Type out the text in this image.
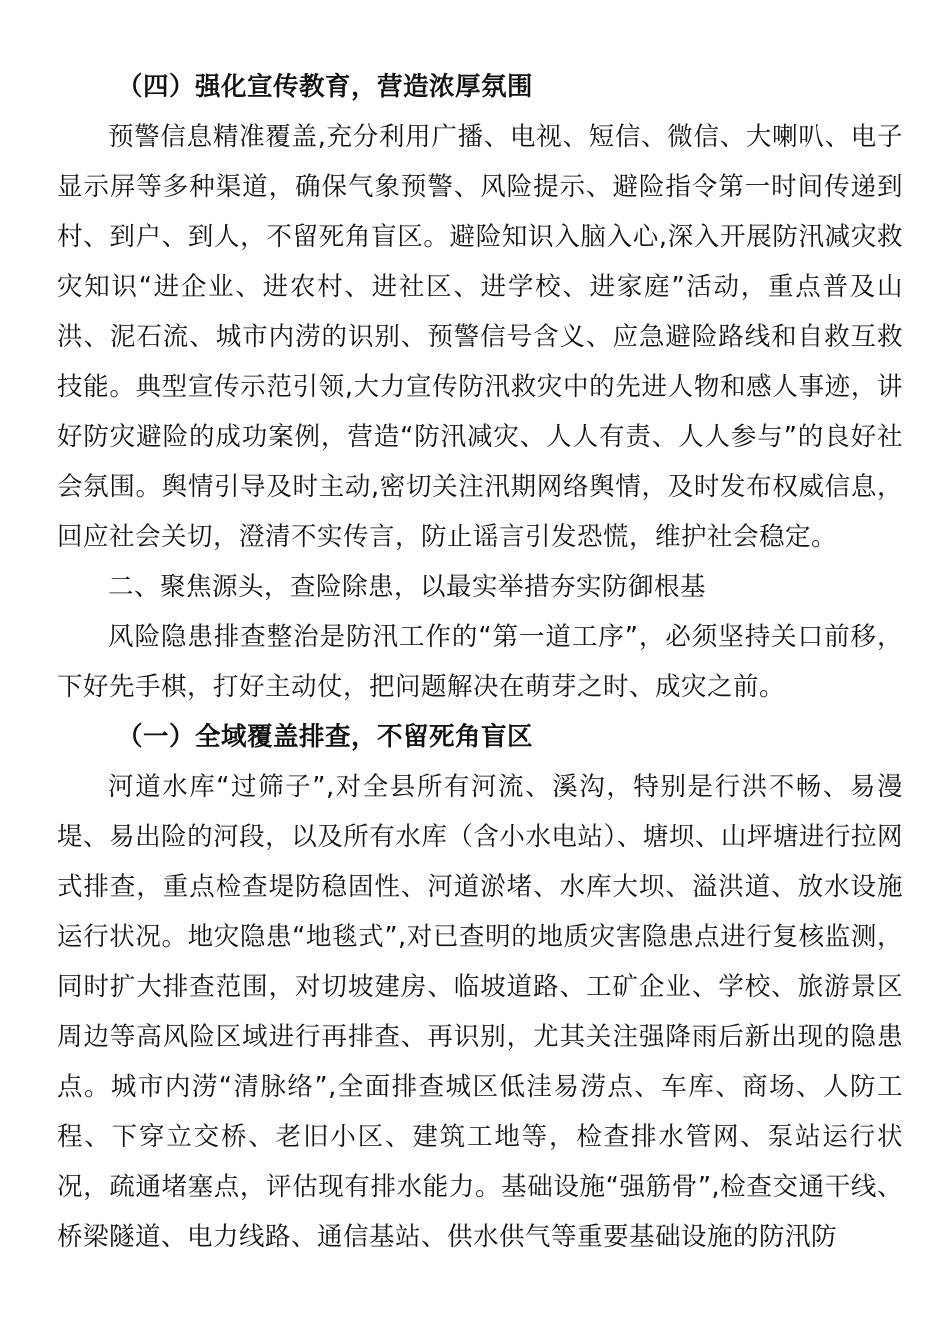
（四）强化宣传教育，营造浓厚氛围

预警信息精准覆盖,充分利用广播、电视、短信、微信、大喇叭、电子显示屏等多种渠道，确保气象预警、风险提示、避险指令第一时间传递到村、到户、到人，不留死角盲区。避险知识入脑入心,深入开展防汛减灾救灾知识“进企业、进农村、进社区、进学校、进家庭”活动，重点普及山洪、泥石流、城市内涝的识别、预警信号含义、应急避险路线和自救互救技能。典型宣传示范引领,大力宣传防汛救灾中的先进人物和感人事迹，讲好防灾避险的成功案例，营造“防汛减灾、人人有责、人人参与”的良好社会氛围。舆情引导及时主动,密切关注汛期网络舆情，及时发布权威信息，回应社会关切，澄清不实传言，防止谣言引发恐慌，维护社会稳定。

二、聚焦源头，查险除患，以最实举措夯实防御根基

风险隐患排查整治是防汛工作的“第一道工序”，必须坚持关口前移，下好先手棋，打好主动仗，把问题解决在萌芽之时、成灾之前。

（一）全域覆盖排查，不留死角盲区

河道水库“过筛子”,对全县所有河流、溪沟，特别是行洪不畅、易漫堤、易出险的河段，以及所有水库（含小水电站）、塘坝、山坪塘进行拉网式排查，重点检查堤防稳固性、河道淤堵、水库大坝、溢洪道、放水设施运行状况。地灾隐患“地毯式”,对已查明的地质灾害隐患点进行复核监测，同时扩大排查范围，对切坡建房、临坡道路、工矿企业、学校、旅游景区周边等高风险区域进行再排查、再识别，尤其关注强降雨后新出现的隐患点。城市内涝“清脉络”,全面排查城区低洼易涝点、车库、商场、人防工程、下穿立交桥、老旧小区、建筑工地等，检查排水管网、泵站运行状况，疏通堵塞点，评估现有排水能力。基础设施“强筋骨”,检查交通干线、桥梁隧道、电力线路、通信基站、供水供气等重要基础设施的防汛防
